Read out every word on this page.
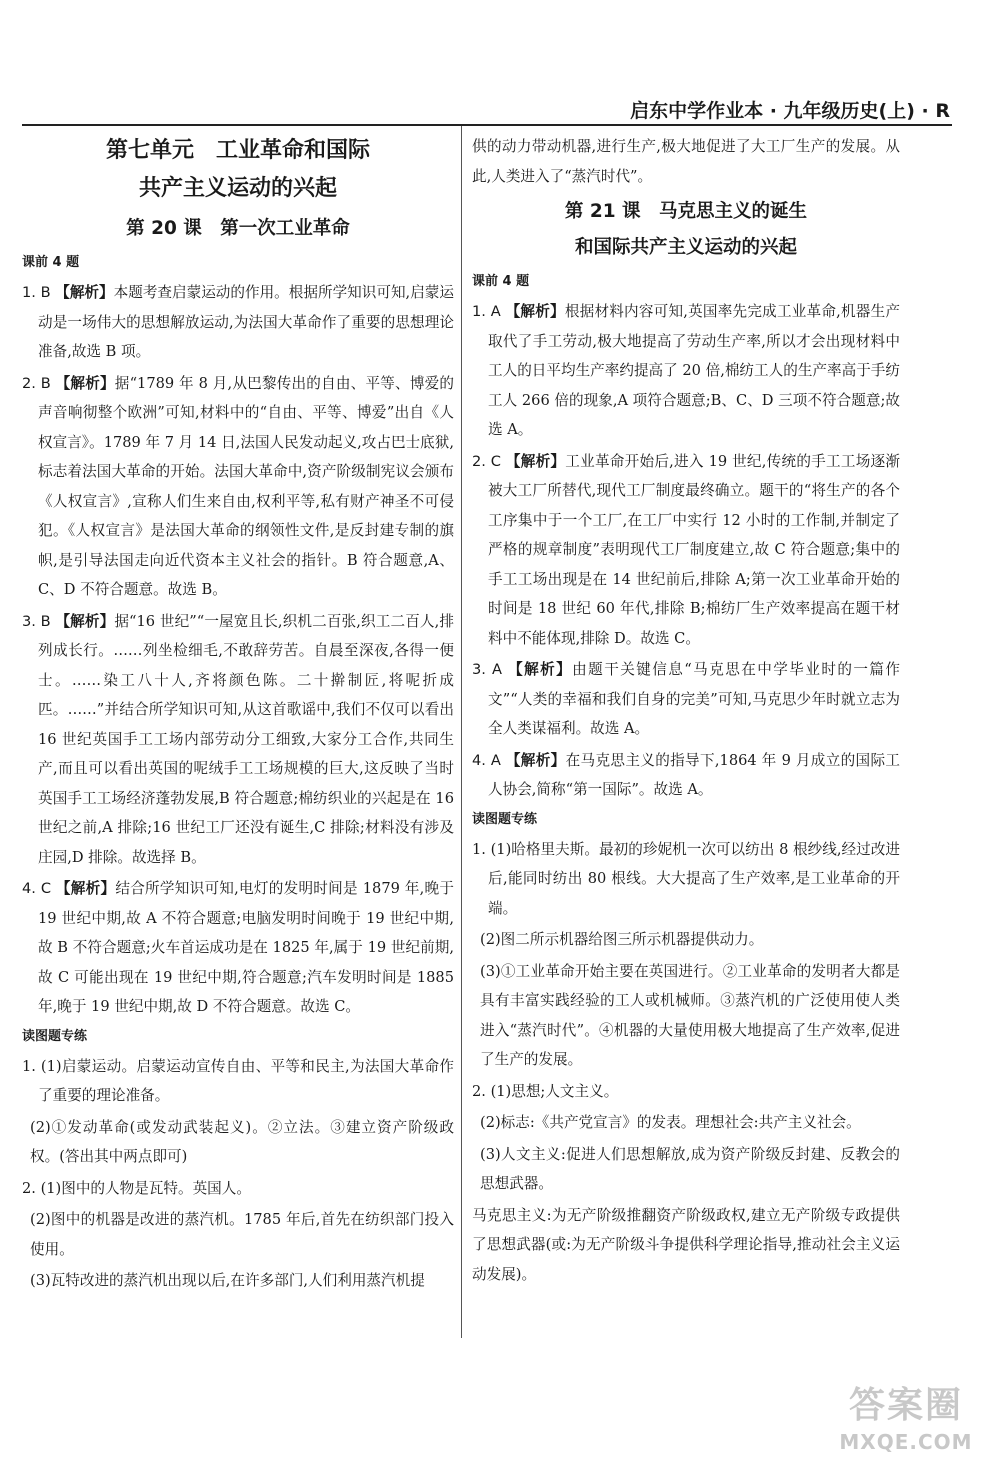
启东中学作业本 · 九年级历史(上) · R

第七单元　工业革命和国际

共产主义运动的兴起

第 20 课　第一次工业革命

课前 4 题

1. B 【解析】本题考查启蒙运动的作用。根据所学知识可知,启蒙运动是一场伟大的思想解放运动,为法国大革命作了重要的思想理论准备,故选 B 项。

2. B 【解析】据“1789 年 8 月,从巴黎传出的自由、平等、博爱的声音响彻整个欧洲”可知,材料中的“自由、平等、博爱”出自《人权宣言》。1789 年 7 月 14 日,法国人民发动起义,攻占巴士底狱,标志着法国大革命的开始。法国大革命中,资产阶级制宪议会颁布《人权宣言》,宣称人们生来自由,权利平等,私有财产神圣不可侵犯。《人权宣言》是法国大革命的纲领性文件,是反封建专制的旗帜,是引导法国走向近代资本主义社会的指针。B 符合题意,A、C、D 不符合题意。故选 B。

3. B 【解析】据“16 世纪”“一屋宽且长,织机二百张,织工二百人,排列成长行。……列坐检细毛,不敢辞劳苦。自晨至深夜,各得一便士。……染工八十人,齐将颜色陈。二十擀制匠,将呢折成匹。……”并结合所学知识可知,从这首歌谣中,我们不仅可以看出 16 世纪英国手工工场内部劳动分工细致,大家分工合作,共同生产,而且可以看出英国的呢绒手工工场规模的巨大,这反映了当时英国手工工场经济蓬勃发展,B 符合题意;棉纺织业的兴起是在 16 世纪之前,A 排除;16 世纪工厂还没有诞生,C 排除;材料没有涉及庄园,D 排除。故选择 B。

4. C 【解析】结合所学知识可知,电灯的发明时间是 1879 年,晚于 19 世纪中期,故 A 不符合题意;电脑发明时间晚于 19 世纪中期,故 B 不符合题意;火车首运成功是在 1825 年,属于 19 世纪前期,故 C 可能出现在 19 世纪中期,符合题意;汽车发明时间是 1885 年,晚于 19 世纪中期,故 D 不符合题意。故选 C。

读图题专练

1. (1)启蒙运动。启蒙运动宣传自由、平等和民主,为法国大革命作了重要的理论准备。

(2)①发动革命(或发动武装起义)。②立法。③建立资产阶级政权。(答出其中两点即可)

2. (1)图中的人物是瓦特。英国人。

(2)图中的机器是改进的蒸汽机。1785 年后,首先在纺织部门投入使用。

(3)瓦特改进的蒸汽机出现以后,在许多部门,人们利用蒸汽机提

供的动力带动机器,进行生产,极大地促进了大工厂生产的发展。从此,人类进入了“蒸汽时代”。

第 21 课　马克思主义的诞生

和国际共产主义运动的兴起

课前 4 题

1. A 【解析】根据材料内容可知,英国率先完成工业革命,机器生产取代了手工劳动,极大地提高了劳动生产率,所以才会出现材料中工人的日平均生产率约提高了 20 倍,棉纺工人的生产率高于手纺工人 266 倍的现象,A 项符合题意;B、C、D 三项不符合题意;故选 A。

2. C 【解析】工业革命开始后,进入 19 世纪,传统的手工工场逐渐被大工厂所替代,现代工厂制度最终确立。题干的“将生产的各个工序集中于一个工厂,在工厂中实行 12 小时的工作制,并制定了严格的规章制度”表明现代工厂制度建立,故 C 符合题意;集中的手工工场出现是在 14 世纪前后,排除 A;第一次工业革命开始的时间是 18 世纪 60 年代,排除 B;棉纺厂生产效率提高在题干材料中不能体现,排除 D。故选 C。

3. A 【解析】由题干关键信息“马克思在中学毕业时的一篇作文”“人类的幸福和我们自身的完美”可知,马克思少年时就立志为全人类谋福利。故选 A。

4. A 【解析】在马克思主义的指导下,1864 年 9 月成立的国际工人协会,简称“第一国际”。故选 A。

读图题专练

1. (1)哈格里夫斯。最初的珍妮机一次可以纺出 8 根纱线,经过改进后,能同时纺出 80 根线。大大提高了生产效率,是工业革命的开端。

(2)图二所示机器给图三所示机器提供动力。

(3)①工业革命开始主要在英国进行。②工业革命的发明者大都是具有丰富实践经验的工人或机械师。③蒸汽机的广泛使用使人类进入“蒸汽时代”。④机器的大量使用极大地提高了生产效率,促进了生产的发展。

2. (1)思想;人文主义。

(2)标志:《共产党宣言》的发表。理想社会:共产主义社会。

(3)人文主义:促进人们思想解放,成为资产阶级反封建、反教会的思想武器。

马克思主义:为无产阶级推翻资产阶级政权,建立无产阶级专政提供了思想武器(或:为无产阶级斗争提供科学理论指导,推动社会主义运动发展)。

答案圈
MXQE.COM
